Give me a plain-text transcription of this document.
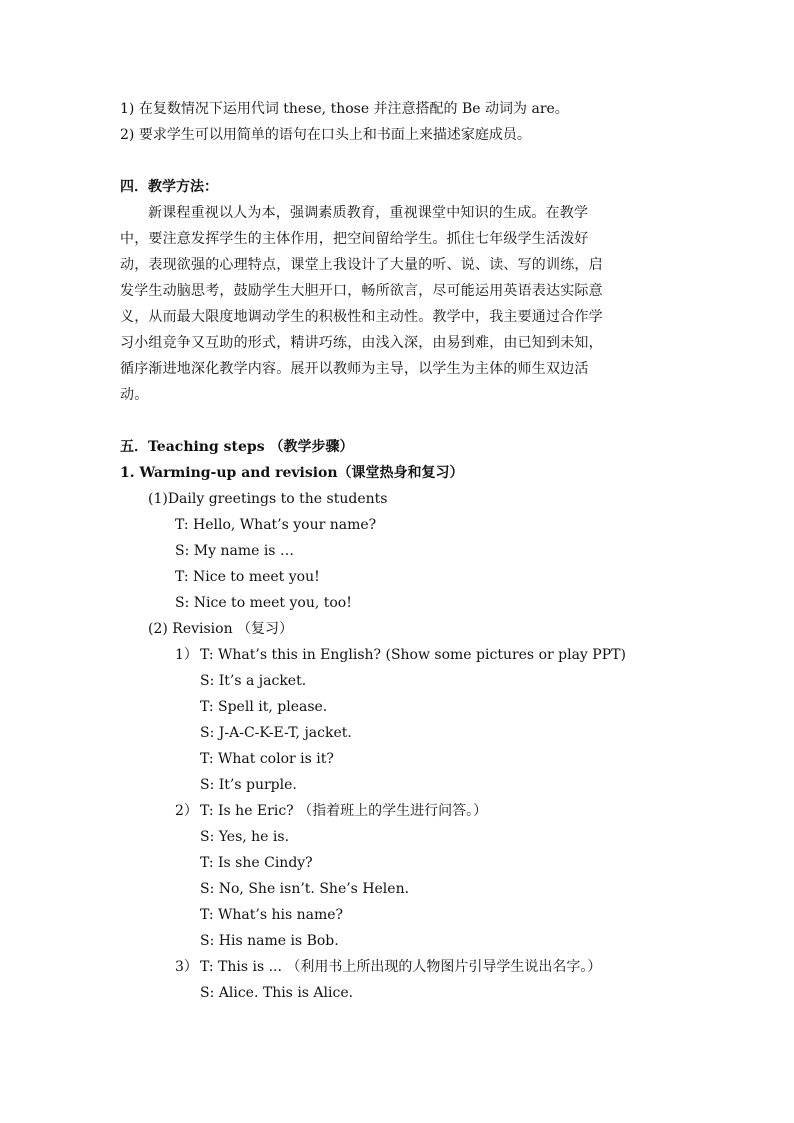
1) 在复数情况下运用代词 these, those 并注意搭配的 Be 动词为 are。
2) 要求学生可以用简单的语句在口头上和书面上来描述家庭成员。
四．教学方法：
新课程重视以人为本，强调素质教育，重视课堂中知识的生成。在教学
中，要注意发挥学生的主体作用，把空间留给学生。抓住七年级学生活泼好
动，表现欲强的心理特点，课堂上我设计了大量的听、说、读、写的训练，启
发学生动脑思考，鼓励学生大胆开口，畅所欲言，尽可能运用英语表达实际意
义，从而最大限度地调动学生的积极性和主动性。教学中，我主要通过合作学
习小组竞争又互助的形式，精讲巧练，由浅入深，由易到难，由已知到未知，
循序渐进地深化教学内容。展开以教师为主导，以学生为主体的师生双边活
动。
五．Teaching steps （教学步骤）
1. Warming-up and revision（课堂热身和复习）
(1)Daily greetings to the students
T: Hello, What’s your name?
S: My name is …
T: Nice to meet you!
S: Nice to meet you, too!
(2) Revision （复习）
1） T: What’s this in English? (Show some pictures or play PPT)
S: It’s a jacket.
T: Spell it, please.
S: J-A-C-K-E-T, jacket.
T: What color is it?
S: It’s purple.
2） T: Is he Eric? （指着班上的学生进行问答。）
S: Yes, he is.
T: Is she Cindy?
S: No, She isn’t. She’s Helen.
T: What’s his name?
S: His name is Bob.
3） T: This is ... （利用书上所出现的人物图片引导学生说出名字。）
S: Alice. This is Alice.
